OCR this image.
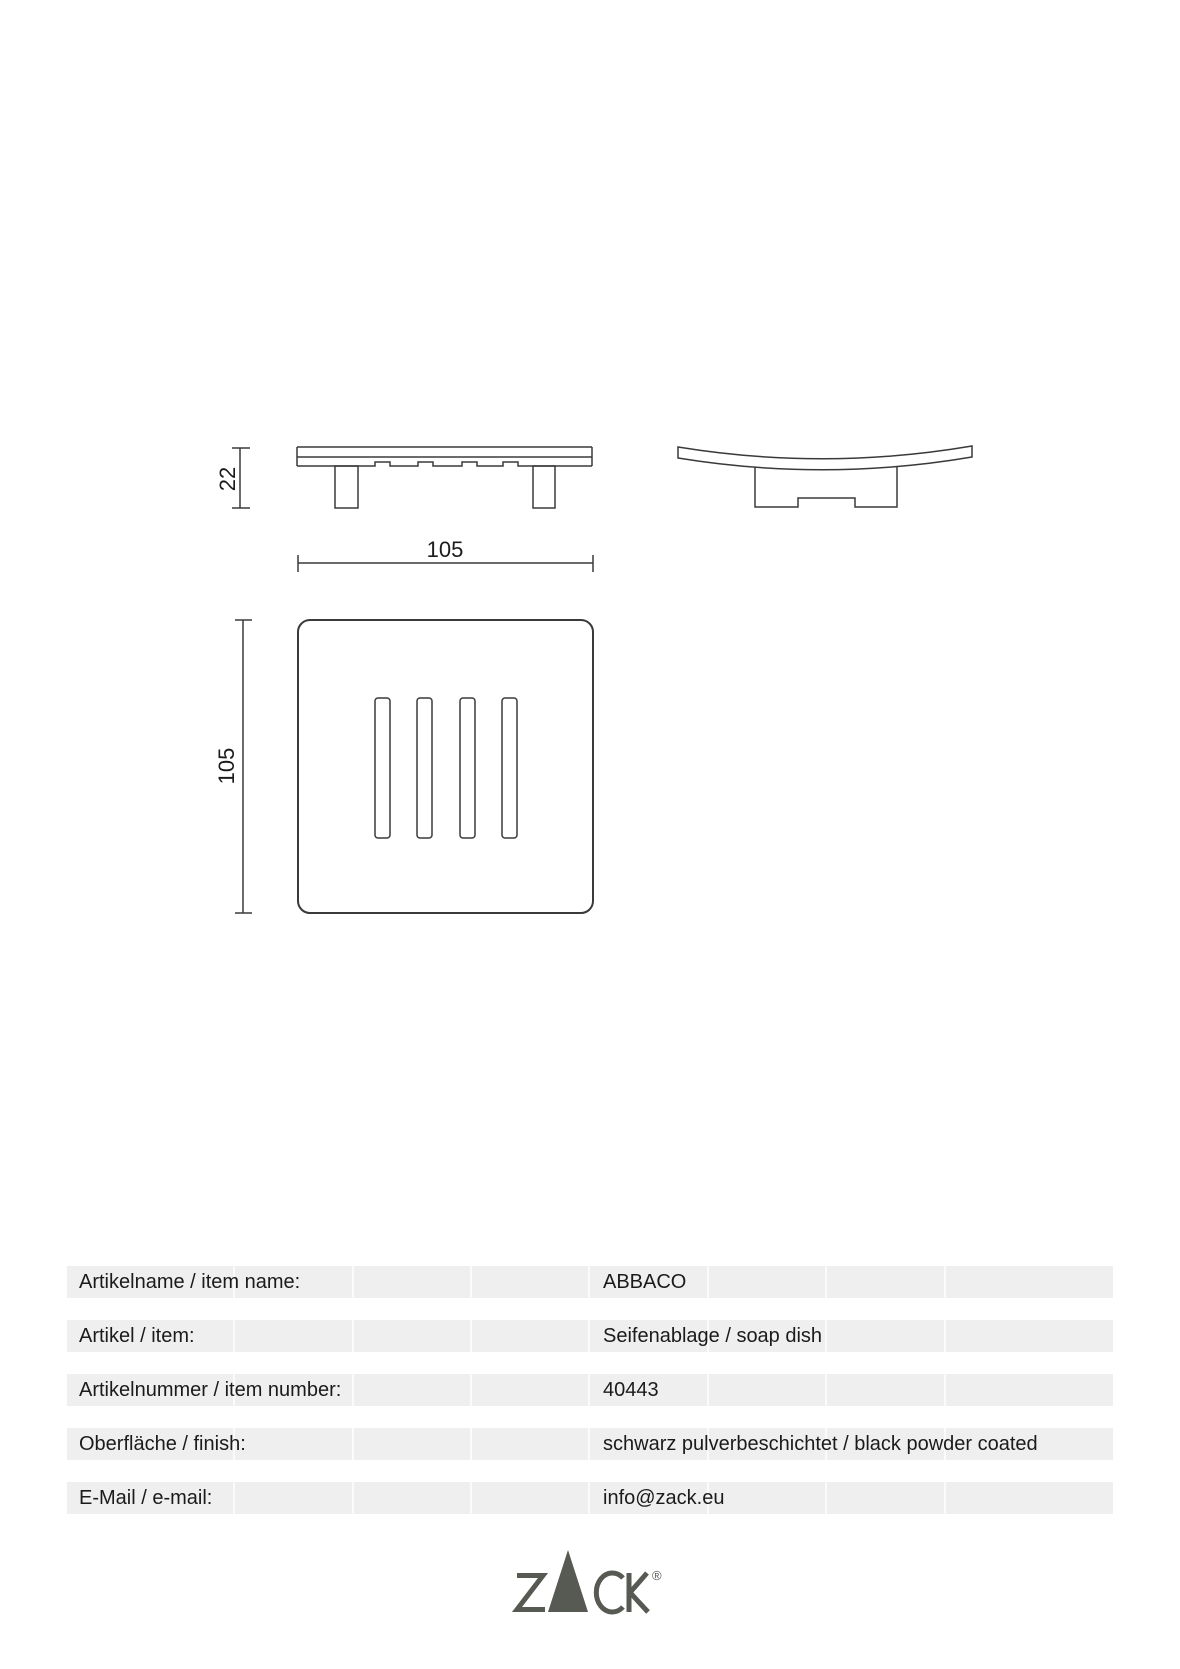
22
105
105
Artikelname / item name:	ABBACO
Artikel / item:	Seifenablage / soap dish
Artikelnummer / item number:	40443
Oberfläche / finish:	schwarz pulverbeschichtet / black powder coated
E-Mail / e-mail:	info@zack.eu
®
